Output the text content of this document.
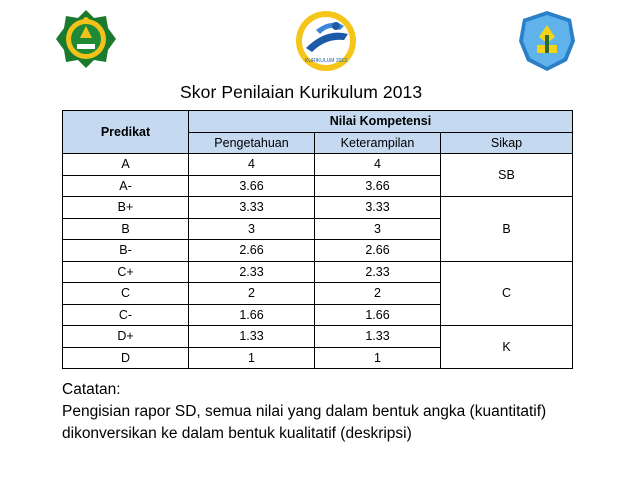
KURIKULUM 2013
Skor Penilaian Kurikulum 2013
Predikat	Nilai Kompetensi		
	Pengetahuan	Keterampilan	Sikap
A	4	4	SB
A-	3.66	3.66	
B+	3.33	3.33	B
B	3	3	
B-	2.66	2.66	
C+	2.33	2.33	C
C	2	2	
C-	1.66	1.66	
D+	1.33	1.33	K
D	1	1	
Catatan:
Pengisian rapor SD, semua nilai yang dalam bentuk angka (kuantitatif)
dikonversikan ke dalam bentuk kualitatif (deskripsi)
